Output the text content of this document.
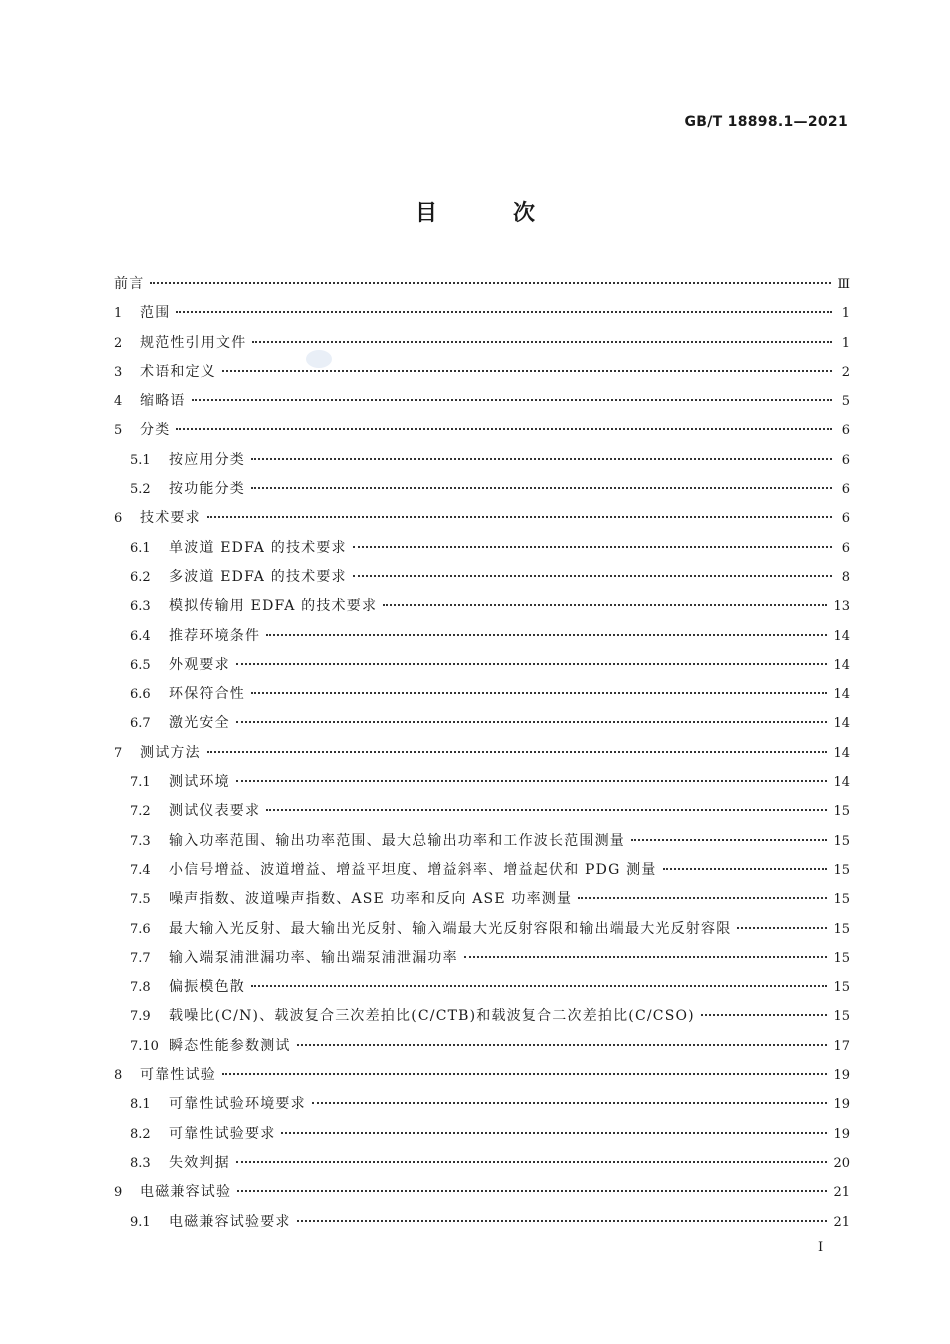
GB/T 18898.1—2021
目	次
前言	Ⅲ
1	范围	1
2	规范性引用文件	1
3	术语和定义	2
4	缩略语	5
5	分类	6
5.1	按应用分类	6
5.2	按功能分类	6
6	技术要求	6
6.1	单波道 EDFA 的技术要求	6
6.2	多波道 EDFA 的技术要求	8
6.3	模拟传输用 EDFA 的技术要求	13
6.4	推荐环境条件	14
6.5	外观要求	14
6.6	环保符合性	14
6.7	激光安全	14
7	测试方法	14
7.1	测试环境	14
7.2	测试仪表要求	15
7.3	输入功率范围、输出功率范围、最大总输出功率和工作波长范围测量	15
7.4	小信号增益、波道增益、增益平坦度、增益斜率、增益起伏和 PDG 测量	15
7.5	噪声指数、波道噪声指数、ASE 功率和反向 ASE 功率测量	15
7.6	最大输入光反射、最大输出光反射、输入端最大光反射容限和输出端最大光反射容限	15
7.7	输入端泵浦泄漏功率、输出端泵浦泄漏功率	15
7.8	偏振模色散	15
7.9	载噪比(C/N)、载波复合三次差拍比(C/CTB)和载波复合二次差拍比(C/CSO)	15
7.10 瞬态性能参数测试	17
8	可靠性试验	19
8.1	可靠性试验环境要求	19
8.2	可靠性试验要求	19
8.3	失效判据	20
9	电磁兼容试验	21
9.1	电磁兼容试验要求	21
I
